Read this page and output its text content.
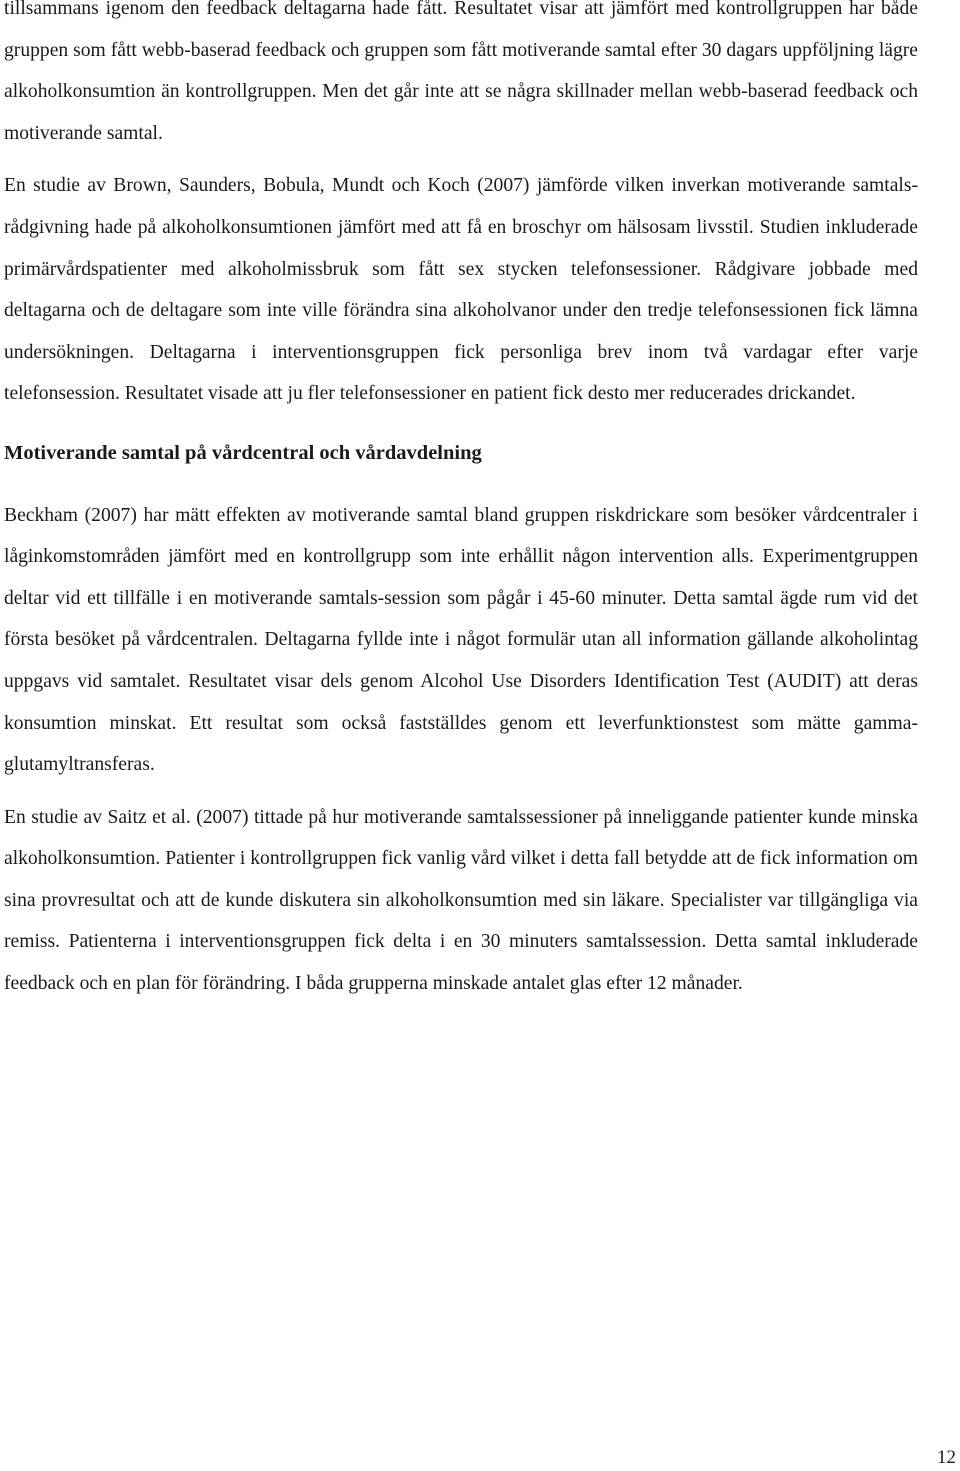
tillsammans igenom den feedback deltagarna hade fått. Resultatet visar att jämfört med kontrollgruppen har både gruppen som fått webb-baserad feedback och gruppen som fått motiverande samtal efter 30 dagars uppföljning lägre alkoholkonsumtion än kontrollgruppen. Men det går inte att se några skillnader mellan webb-baserad feedback och motiverande samtal.

En studie av Brown, Saunders, Bobula, Mundt och Koch (2007) jämförde vilken inverkan motiverande samtals- rådgivning hade på alkoholkonsumtionen jämfört med att få en broschyr om hälsosam livsstil. Studien inkluderade primärvårdspatienter med alkoholmissbruk som fått sex stycken telefonsessioner. Rådgivare jobbade med deltagarna och de deltagare som inte ville förändra sina alkoholvanor under den tredje telefonsessionen fick lämna undersökningen. Deltagarna i interventionsgruppen fick personliga brev inom två vardagar efter varje telefonsession. Resultatet visade att ju fler telefonsessioner en patient fick desto mer reducerades drickandet.

Motiverande samtal på vårdcentral och vårdavdelning

Beckham (2007) har mätt effekten av motiverande samtal bland gruppen riskdrickare som besöker vårdcentraler i låginkomstområden jämfört med en kontrollgrupp som inte erhållit någon intervention alls. Experimentgruppen deltar vid ett tillfälle i en motiverande samtals-session som pågår i 45-60 minuter. Detta samtal ägde rum vid det första besöket på vårdcentralen. Deltagarna fyllde inte i något formulär utan all information gällande alkoholintag uppgavs vid samtalet. Resultatet visar dels genom Alcohol Use Disorders Identification Test (AUDIT) att deras konsumtion minskat. Ett resultat som också fastställdes genom ett leverfunktionstest som mätte gamma-glutamyltransferas.

En studie av Saitz et al. (2007) tittade på hur motiverande samtalssessioner på inneliggande patienter kunde minska alkoholkonsumtion. Patienter i kontrollgruppen fick vanlig vård vilket i detta fall betydde att de fick information om sina provresultat och att de kunde diskutera sin alkoholkonsumtion med sin läkare. Specialister var tillgängliga via remiss. Patienterna i interventionsgruppen fick delta i en 30 minuters samtalssession. Detta samtal inkluderade feedback och en plan för förändring. I båda grupperna minskade antalet glas efter 12 månader.

12
